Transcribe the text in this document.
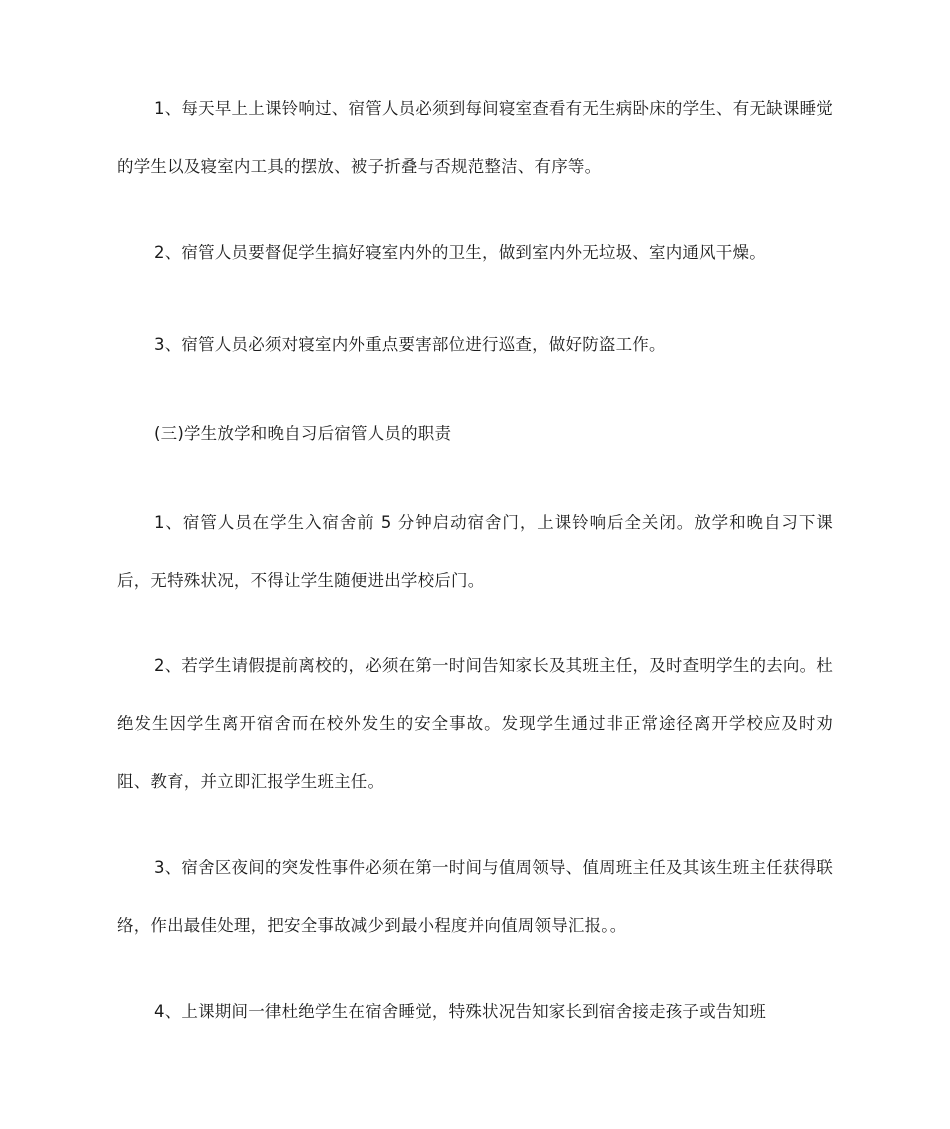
1、每天早上上课铃响过、宿管人员必须到每间寝室查看有无生病卧床的学生、有无缺课睡觉的学生以及寝室内工具的摆放、被子折叠与否规范整洁、有序等。

2、宿管人员要督促学生搞好寝室内外的卫生，做到室内外无垃圾、室内通风干燥。

3、宿管人员必须对寝室内外重点要害部位进行巡查，做好防盗工作。

(三)学生放学和晚自习后宿管人员的职责

1、宿管人员在学生入宿舍前 5 分钟启动宿舍门，上课铃响后全关闭。放学和晚自习下课后，无特殊状况，不得让学生随便进出学校后门。

2、若学生请假提前离校的，必须在第一时间告知家长及其班主任，及时查明学生的去向。杜绝发生因学生离开宿舍而在校外发生的安全事故。发现学生通过非正常途径离开学校应及时劝阻、教育，并立即汇报学生班主任。

3、宿舍区夜间的突发性事件必须在第一时间与值周领导、值周班主任及其该生班主任获得联络，作出最佳处理，把安全事故减少到最小程度并向值周领导汇报。。

4、上课期间一律杜绝学生在宿舍睡觉，特殊状况告知家长到宿舍接走孩子或告知班
